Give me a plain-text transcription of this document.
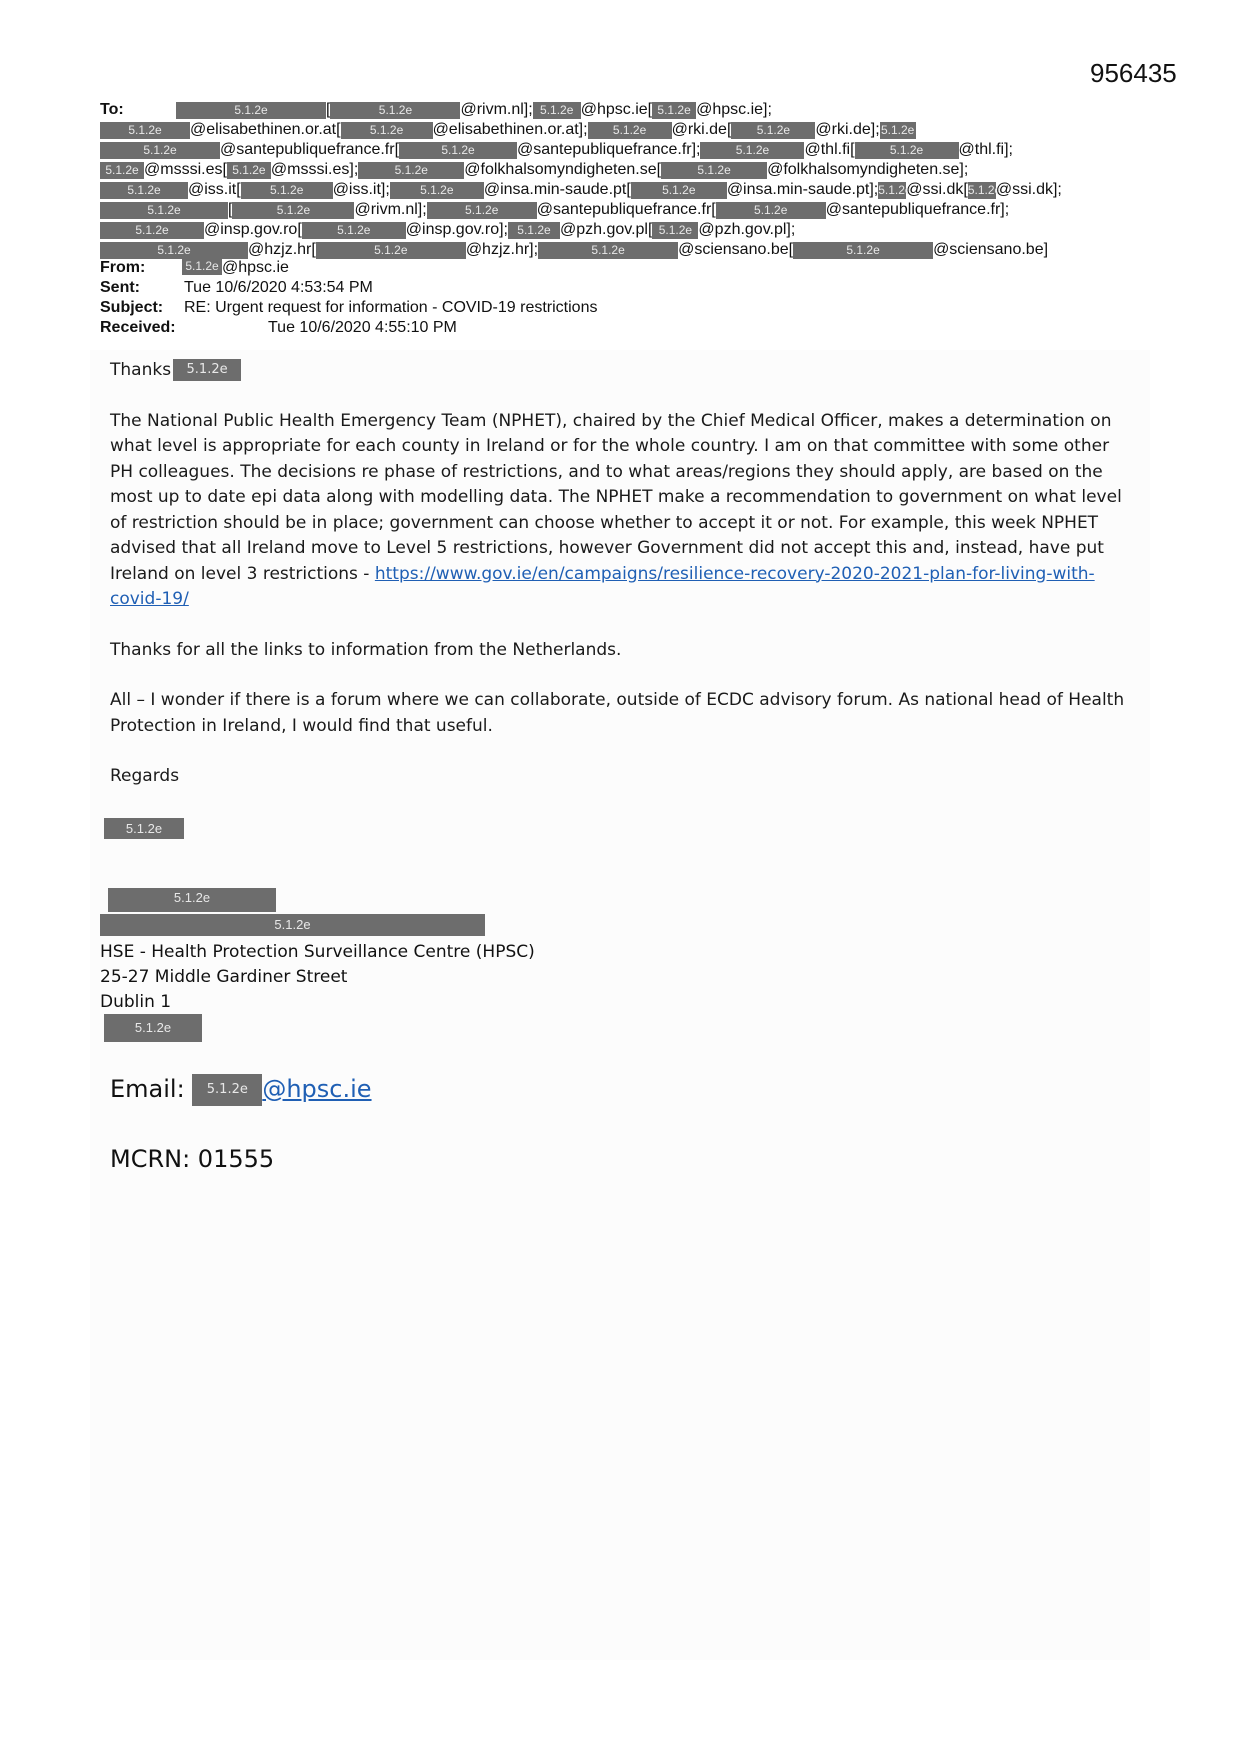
956435
To:	5.1.2e	[	5.1.2e	@rivm.nl]; 5.1.2e @hpsc.ie[ 5.1.2e @hpsc.ie];
5.1.2e	@elisabethinen.or.at[	5.1.2e	@elisabethinen.or.at];	5.1.2e	@rki.de[	5.1.2e	@rki.de]; 5.1.2e
5.1.2e	@santepubliquefrance.fr[	5.1.2e	@santepubliquefrance.fr];	5.1.2e	@thl.fi[	5.1.2e	@thl.fi];
5.1.2e @msssi.es[ 5.1.2e @msssi.es];	5.1.2e	@folkhalsomyndigheten.se[	5.1.2e	@folkhalsomyndigheten.se];
5.1.2e	@iss.it[	5.1.2e	@iss.it];	5.1.2e	@insa.min-saude.pt[	5.1.2e	@insa.min-saude.pt]; 5.1.2e
@ssi.dk[ 5.1.2e
@ssi.dk];
5.1.2e	[	5.1.2e	@rivm.nl];	5.1.2e	@santepubliquefrance.fr[	5.1.2e	@santepubliquefrance.fr];
5.1.2e	@insp.gov.ro[	5.1.2e	@insp.gov.ro]; 5.1.2e @pzh.gov.pl[ 5.1.2e @pzh.gov.pl];
5.1.2e	@hzjz.hr[	5.1.2e	@hzjz.hr];	5.1.2e	@sciensano.be[	5.1.2e	@sciensano.be]
From:	5.1.2e @hpsc.ie
Sent:	Tue 10/6/2020 4:53:54 PM
Subject:	RE: Urgent request for information - COVID-19 restrictions
Received:	Tue 10/6/2020 4:55:10 PM

Thanks 5.1.2e

The National Public Health Emergency Team (NPHET), chaired by the Chief Medical Officer, makes a determination on what level is appropriate for each county in Ireland or for the whole country. I am on that committee with some other PH colleagues. The decisions re phase of restrictions, and to what areas/regions they should apply, are based on the most up to date epi data along with modelling data. The NPHET make a recommendation to government on what level of restriction should be in place; government can choose whether to accept it or not. For example, this week NPHET advised that all Ireland move to Level 5 restrictions, however Government did not accept this and, instead, have put Ireland on level 3 restrictions - https://www.gov.ie/en/campaigns/resilience-recovery-2020-2021-plan-for-living-with-covid-19/

Thanks for all the links to information from the Netherlands.

All – I wonder if there is a forum where we can collaborate, outside of ECDC advisory forum. As national head of Health Protection in Ireland, I would find that useful.

Regards

5.1.2e
5.1.2e
5.1.2e
HSE - Health Protection Surveillance Centre (HPSC)
25-27 Middle Gardiner Street
Dublin 1
5.1.2e
Email: 5.1.2e @hpsc.ie
MCRN: 01555
